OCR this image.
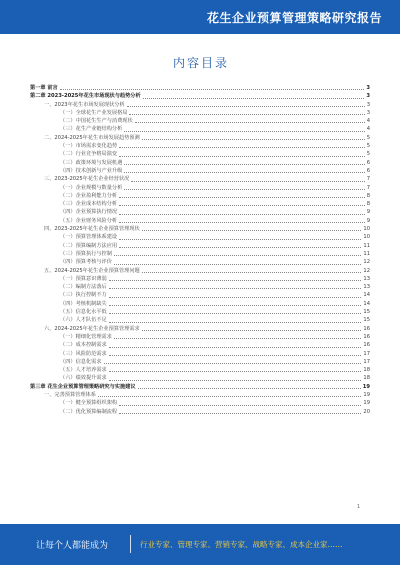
花生企业预算管理策略研究报告
内容目录
第一章 前言	3
第二章 2023-2025年花生市场现状与趋势分析	3
一、2023年花生市场发展现状分析	3
（一）全球花生产业发展格局	3
（二）中国花生生产与消费现状	4
（三）花生产业链结构分析	4
二、2024-2025年花生市场发展趋势预测	5
（一）市场需求变化趋势	5
（二）行业竞争格局演变	5
（三）政策环境与发展机遇	6
（四）技术创新与产业升级	6
三、2023-2025年花生企业经营状况	7
（一）企业规模与数量分析	7
（二）企业盈利能力分析	8
（三）企业成本结构分析	8
（四）企业预算执行情况	9
（五）企业财务风险分析	9
四、2023-2025年花生企业预算管理现状	10
（一）预算管理体系建设	10
（二）预算编制方法应用	11
（三）预算执行与控制	11
（四）预算考核与评价	12
五、2024-2025年花生企业预算管理问题	12
（一）预算意识薄弱	13
（二）编制方法落后	13
（三）执行控制不力	14
（四）考核机制缺失	14
（五）信息化水平低	15
（六）人才队伍不足	15
六、2024-2025年花生企业预算管理需求	16
（一）精细化管理需求	16
（二）成本控制需求	16
（三）风险防范需求	17
（四）信息化需求	17
（五）人才培养需求	18
（六）绩效提升需求	18
第三章 花生企业预算管理策略研究与实施建议	19
一、完善预算管理体系	19
（一）健全预算组织架构	19
（二）优化预算编制流程	20
1
让每个人都能成为	行业专家、管理专家、营销专家、战略专家、成本企业家……
